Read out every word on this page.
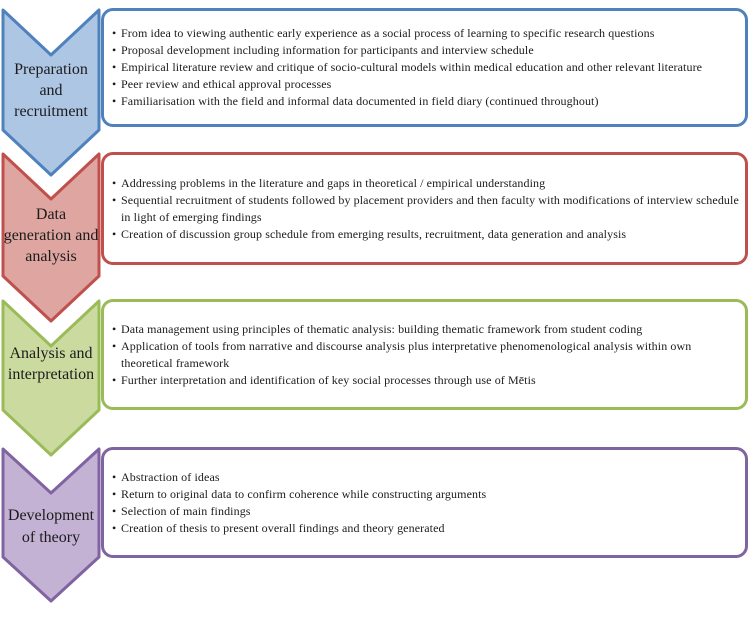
Preparation and recruitment
• From idea to viewing authentic early experience as a social process of learning to specific research questions
• Proposal development including information for participants and interview schedule
• Empirical literature review and critique of socio-cultural models within medical education and other relevant literature
• Peer review and ethical approval processes
• Familiarisation with the field and informal data documented in field diary (continued throughout)
Data generation and analysis
• Addressing problems in the literature and gaps in theoretical / empirical understanding
• Sequential recruitment of students followed by placement providers and then faculty with modifications of interview schedule in light of emerging findings
• Creation of discussion group schedule from emerging results, recruitment, data generation and analysis
Analysis and interpretation
• Data management using principles of thematic analysis: building thematic framework from student coding
• Application of tools from narrative and discourse analysis plus interpretative phenomenological analysis within own theoretical framework
• Further interpretation and identification of key social processes through use of Mētis
Development of theory
• Abstraction of ideas
• Return to original data to confirm coherence while constructing arguments
• Selection of main findings
• Creation of thesis to present overall findings and theory generated
